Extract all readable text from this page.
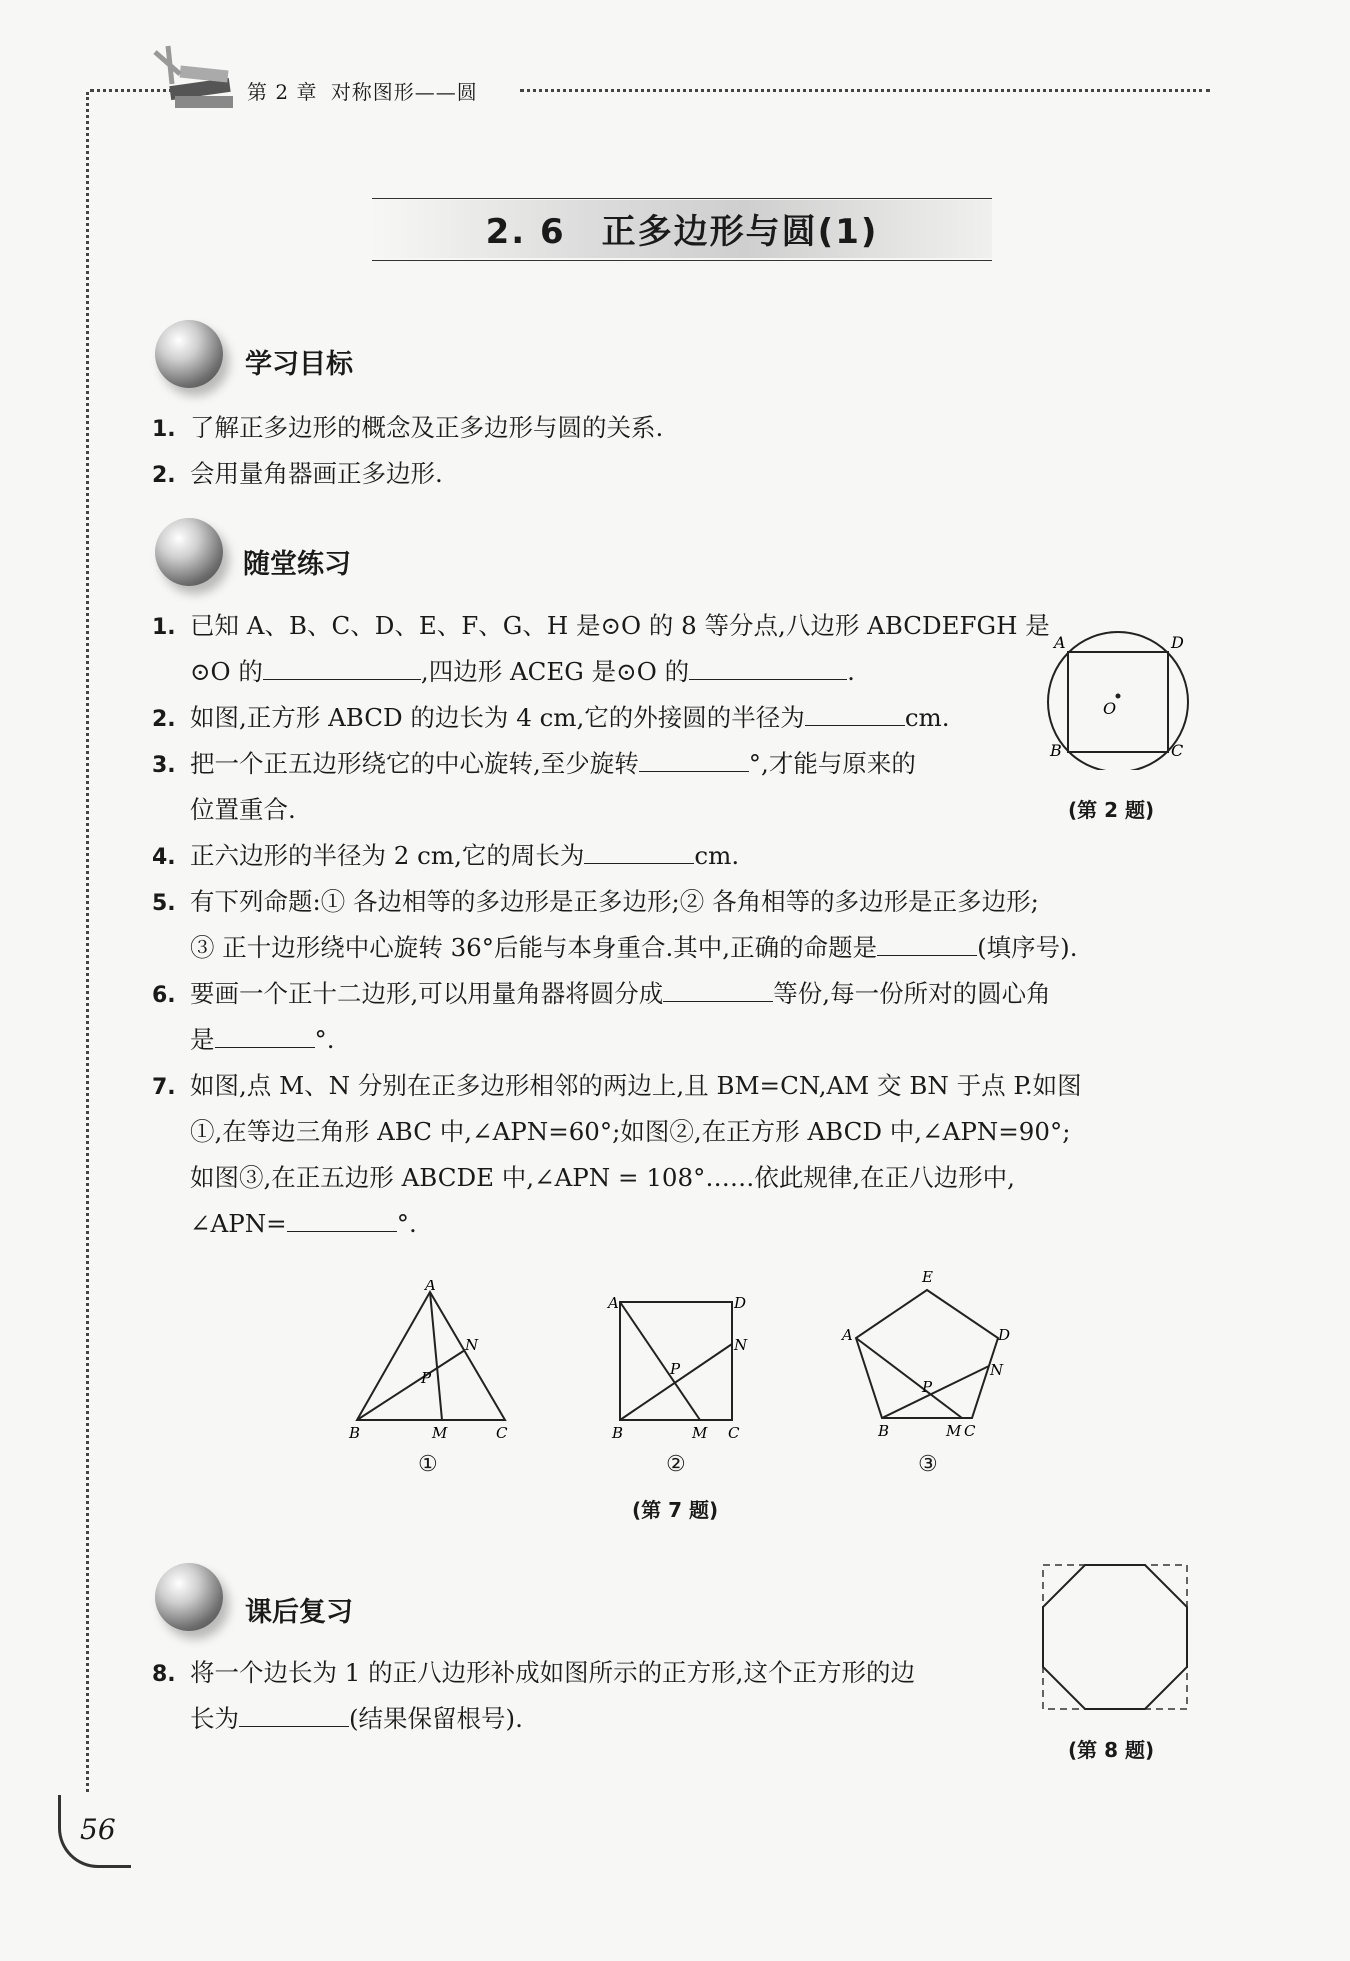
第 2 章 对称图形——圆
2. 6　正多边形与圆(1)
学习目标
1. 了解正多边形的概念及正多边形与圆的关系.
2. 会用量角器画正多边形.
随堂练习
1. 已知 A、B、C、D、E、F、G、H 是⊙O 的 8 等分点,八边形 ABCDEFGH 是
⊙O 的	,四边形 ACEG 是⊙O 的	.
2. 如图,正方形 ABCD 的边长为 4 cm,它的外接圆的半径为	cm.
3. 把一个正五边形绕它的中心旋转,至少旋转	°,才能与原来的
位置重合.
4. 正六边形的半径为 2 cm,它的周长为	cm.
5. 有下列命题:① 各边相等的多边形是正多边形;② 各角相等的多边形是正多边形;
③ 正十边形绕中心旋转 36°后能与本身重合.其中,正确的命题是	(填序号).
6. 要画一个正十二边形,可以用量角器将圆分成	等份,每一份所对的圆心角
是	°.
7. 如图,点 M、N 分别在正多边形相邻的两边上,且 BM=CN,AM 交 BN 于点 P.如图
①,在等边三角形 ABC 中,∠APN=60°;如图②,在正方形 ABCD 中,∠APN=90°;
如图③,在正五边形 ABCDE 中,∠APN = 108°……依此规律,在正八边形中,
∠APN=	°.
A	D
B	C
O
(第 2 题)
A
B	C
M
N
P
A	D
B	C
M
N
P
E
A	D
B	C
M
N
P
①	②	③
(第 7 题)
课后复习
8. 将一个边长为 1 的正八边形补成如图所示的正方形,这个正方形的边
长为	(结果保留根号).
(第 8 题)
56
